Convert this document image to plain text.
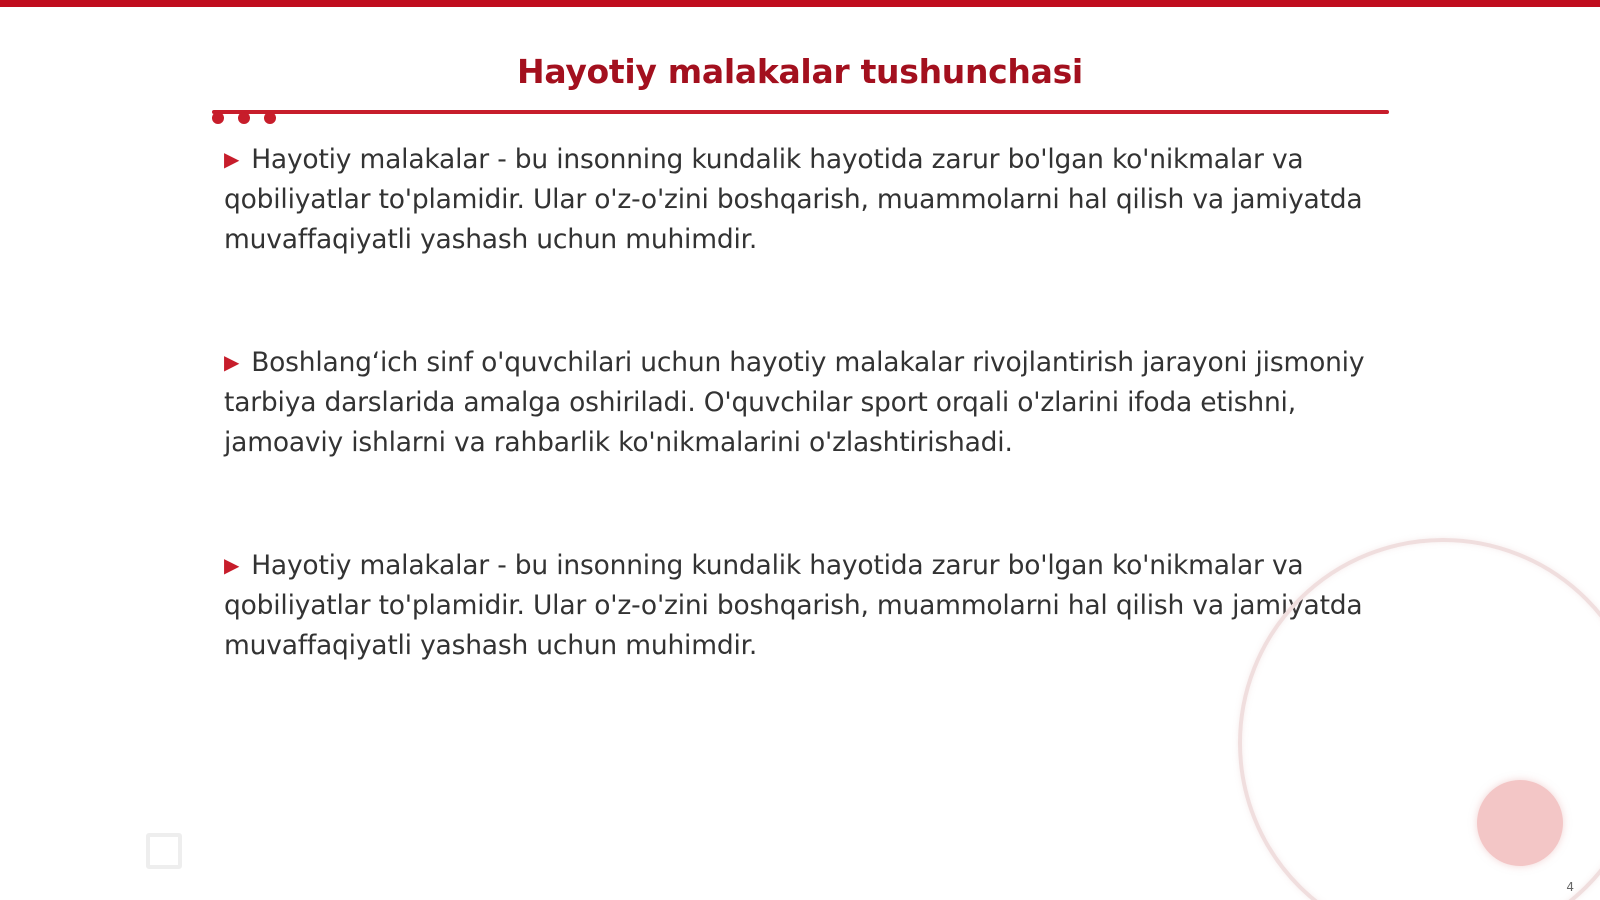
Hayotiy malakalar tushunchasi

▶ Hayotiy malakalar - bu insonning kundalik hayotida zarur bo'lgan ko'nikmalar va qobiliyatlar to'plamidir. Ular o'z-o'zini boshqarish, muammolarni hal qilish va jamiyatda muvaffaqiyatli yashash uchun muhimdir.

▶ Boshlang‘ich sinf o'quvchilari uchun hayotiy malakalar rivojlantirish jarayoni jismoniy tarbiya darslarida amalga oshiriladi. O'quvchilar sport orqali o'zlarini ifoda etishni, jamoaviy ishlarni va rahbarlik ko'nikmalarini o'zlashtirishadi.

▶ Hayotiy malakalar - bu insonning kundalik hayotida zarur bo'lgan ko'nikmalar va qobiliyatlar to'plamidir. Ular o'z-o'zini boshqarish, muammolarni hal qilish va jamiyatda muvaffaqiyatli yashash uchun muhimdir.

4
